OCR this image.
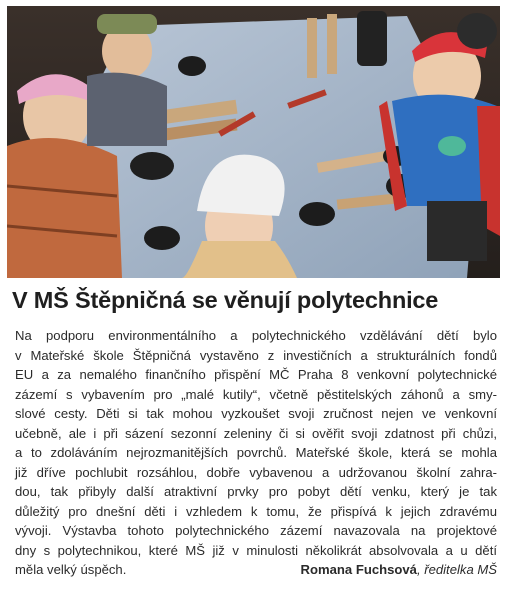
V MŠ Štěpničná se věnují polytechnice
Na podporu environmentálního a polytechnického vzdělávání dětí bylo
v Mateřské škole Štěpničná vystavěno z investičních a strukturálních fondů
EU a za nemalého finančního přispění MČ Praha 8 venkovní polytechnické
zázemí s vybavením pro „malé kutily“, včetně pěstitelských záhonů a smy-
slové cesty. Děti si tak mohou vyzkoušet svoji zručnost nejen ve venkovní
učebně, ale i při sázení sezonní zeleniny či si ověřit svoji zdatnost při chůzi,
a to zdoláváním nejrozmanitějších povrchů. Mateřské škole, která se mohla
již dříve pochlubit rozsáhlou, dobře vybavenou a udržovanou školní zahra-
dou, tak přibyly další atraktivní prvky pro pobyt dětí venku, který je tak
důležitý pro dnešní děti i vzhledem k tomu, že přispívá k jejich zdravému
vývoji. Výstavba tohoto polytechnického zázemí navazovala na projektové
dny s polytechnikou, které MŠ již v minulosti několikrát absolvovala a u dětí
měla velký úspěch.	Romana Fuchsová, ředitelka MŠ
